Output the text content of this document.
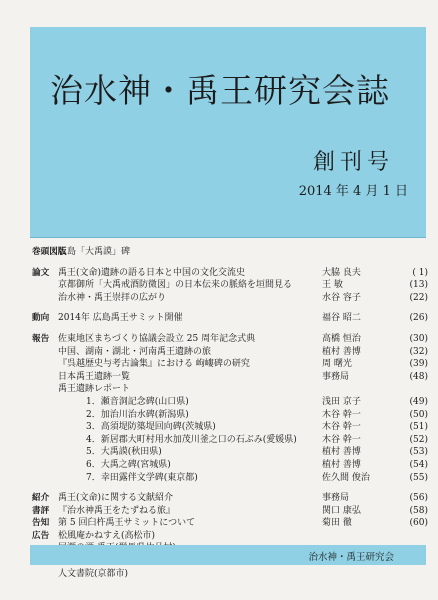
治水神・禹王研究会誌
創刊号
2014 年 4 月 1 日
巻頭図版
広島「大禹謨」碑
論文 禹王(文命)遺跡の語る日本と中国の文化交流史	大脇 良夫	( 1)
京都御所「大禹戒酒防微図」の日本伝来の脈絡を垣間見る	王 敏	(13)
治水神・禹王崇拝の広がり	水谷 容子	(22)
動向 2014年 広島禹王サミット開催	福谷 昭二	(26)
報告 佐東地区まちづくり協議会設立 25 周年記念式典	高橋 恒治	(30)
中国、湖南・湖北・河南禹王遺跡の旅	植村 善博	(32)
『呉越歴史与考古論集』における 岣嶁碑の研究	周 曙光	(39)
日本禹王遺跡一覧	事務局	(48)
禹王遺跡レポート
1．瀬音洞記念碑(山口県)	浅田 京子	(49)
2．加治川治水碑(新潟県)	木谷 幹一	(50)
3．高須堤防築堤回向碑(茨城県)	木谷 幹一	(51)
4．新居郡大町村用水加茂川釜之口の石ぶみ(愛媛県)	木谷 幹一	(52)
5．大禹謨(秋田県)	植村 善博	(53)
6．大禹之碑(宮城県)	植村 善博	(54)
7．幸田露伴文学碑(東京都)	佐久間 俊治	(55)
紹介 禹王(文命)に関する文献紹介	事務局	(56)
書評 『治水神禹王をたずねる旅』	関口 康弘	(58)
告知 第 5 回臼杵禹王サミットについて	菊田 徹	(60)
広告 松風庵かねすえ(高松市)
人文書院(京都市)
治水神・禹王研究会
